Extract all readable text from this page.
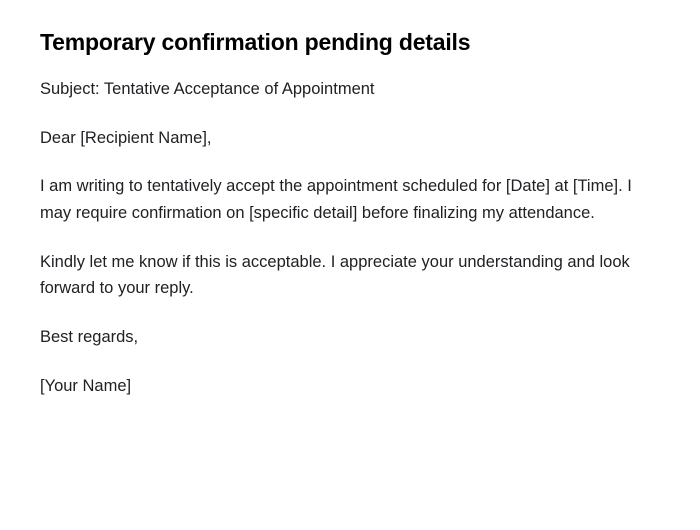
Temporary confirmation pending details

Subject: Tentative Acceptance of Appointment

Dear [Recipient Name],

I am writing to tentatively accept the appointment scheduled for [Date] at [Time]. I may require confirmation on [specific detail] before finalizing my attendance.

Kindly let me know if this is acceptable. I appreciate your understanding and look forward to your reply.

Best regards,

[Your Name]
